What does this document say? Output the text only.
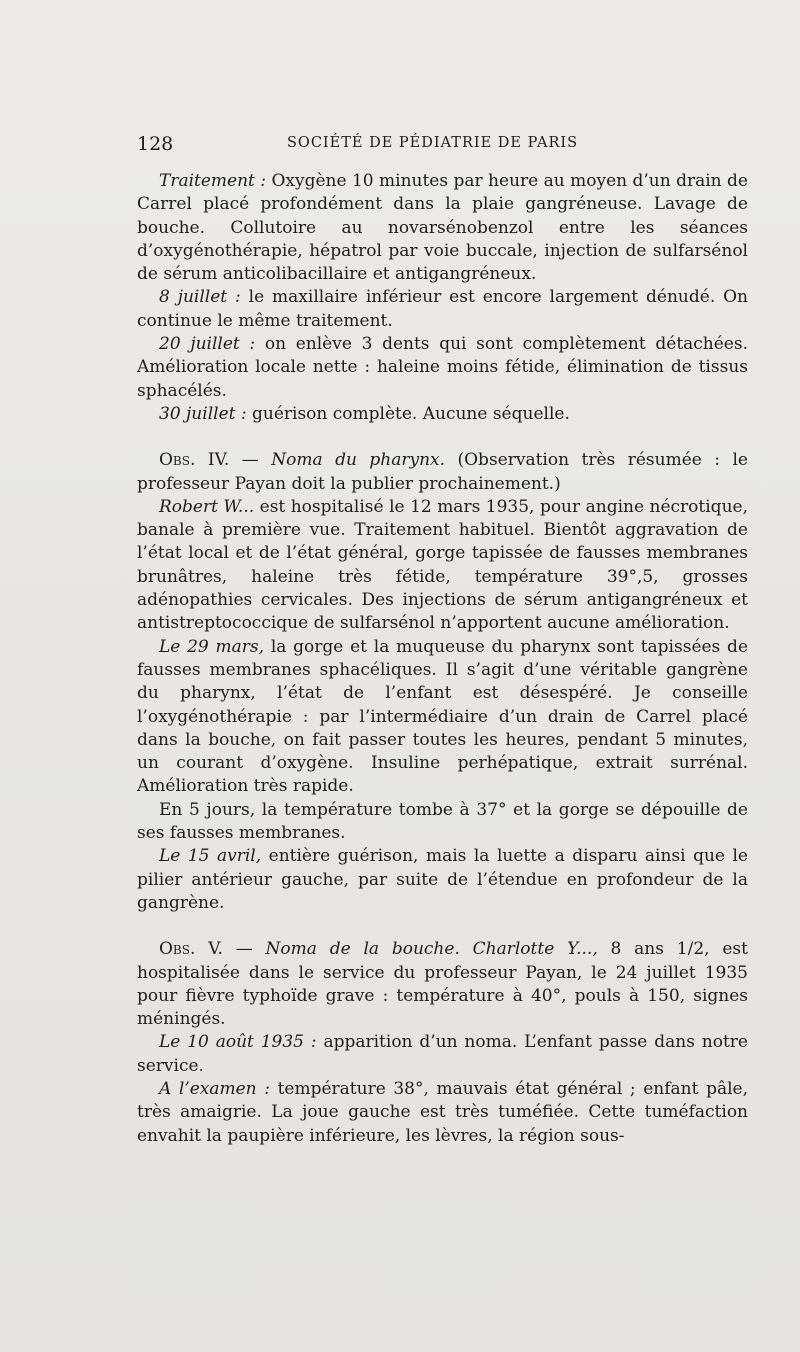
128	SOCIÉTÉ DE PÉDIATRIE DE PARIS

Traitement : Oxygène 10 minutes par heure au moyen d’un drain de Carrel placé profondément dans la plaie gangréneuse. Lavage de bouche. Collutoire au novarsénobenzol entre les séances d’oxygénothérapie, hépatrol par voie buccale, injection de sulfarsénol de sérum anticolibacillaire et antigangréneux.

8 juillet : le maxillaire inférieur est encore largement dénudé. On continue le même traitement.

20 juillet : on enlève 3 dents qui sont complètement détachées. Amélioration locale nette : haleine moins fétide, élimination de tissus sphacélés.

30 juillet : guérison complète. Aucune séquelle.

Obs. IV. — Noma du pharynx. (Observation très résumée : le professeur Payan doit la publier prochainement.)

Robert W... est hospitalisé le 12 mars 1935, pour angine nécrotique, banale à première vue. Traitement habituel. Bientôt aggravation de l’état local et de l’état général, gorge tapissée de fausses membranes brunâtres, haleine très fétide, température 39°,5, grosses adénopathies cervicales. Des injections de sérum antigangréneux et antistreptococcique de sulfarsénol n’apportent aucune amélioration.

Le 29 mars, la gorge et la muqueuse du pharynx sont tapissées de fausses membranes sphacéliques. Il s’agit d’une véritable gangrène du pharynx, l’état de l’enfant est désespéré. Je conseille l’oxygénothérapie : par l’intermédiaire d’un drain de Carrel placé dans la bouche, on fait passer toutes les heures, pendant 5 minutes, un courant d’oxygène. Insuline perhépatique, extrait surrénal. Amélioration très rapide.

En 5 jours, la température tombe à 37° et la gorge se dépouille de ses fausses membranes.

Le 15 avril, entière guérison, mais la luette a disparu ainsi que le pilier antérieur gauche, par suite de l’étendue en profondeur de la gangrène.

Obs. V. — Noma de la bouche. Charlotte Y..., 8 ans 1/2, est hospitalisée dans le service du professeur Payan, le 24 juillet 1935 pour fièvre typhoïde grave : température à 40°, pouls à 150, signes méningés.

Le 10 août 1935 : apparition d’un noma. L’enfant passe dans notre service.

A l’examen : température 38°, mauvais état général ; enfant pâle, très amaigrie. La joue gauche est très tuméfiée. Cette tuméfaction envahit la paupière inférieure, les lèvres, la région sous-
